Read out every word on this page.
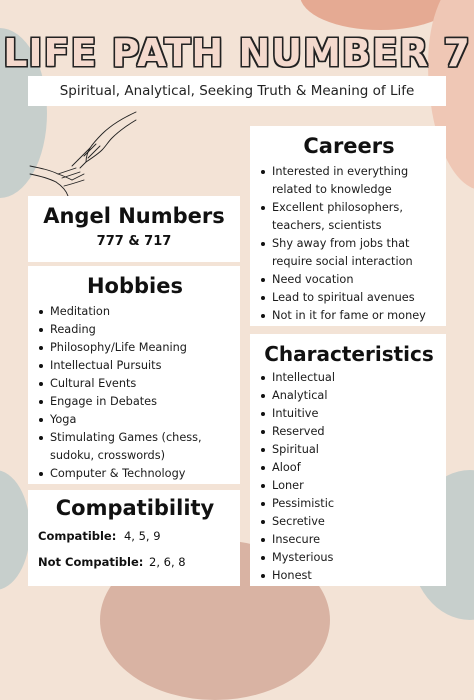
LIFE PATH NUMBER 7
Spiritual, Analytical, Seeking Truth & Meaning of Life
Careers
Interested in everything related to knowledge
Excellent philosophers, teachers, scientists
Shy away from jobs that require social interaction
Need vocation
Lead to spiritual avenues
Not in it for fame or money
Angel Numbers
777 & 717
Hobbies
Meditation
Reading
Philosophy/Life Meaning
Intellectual Pursuits
Cultural Events
Engage in Debates
Yoga
Stimulating Games (chess, sudoku, crosswords)
Computer & Technology
Characteristics
Intellectual
Analytical
Intuitive
Reserved
Spiritual
Aloof
Loner
Pessimistic
Secretive
Insecure
Mysterious
Honest
Compatibility
Compatible: 4, 5, 9
Not Compatible: 2, 6, 8
